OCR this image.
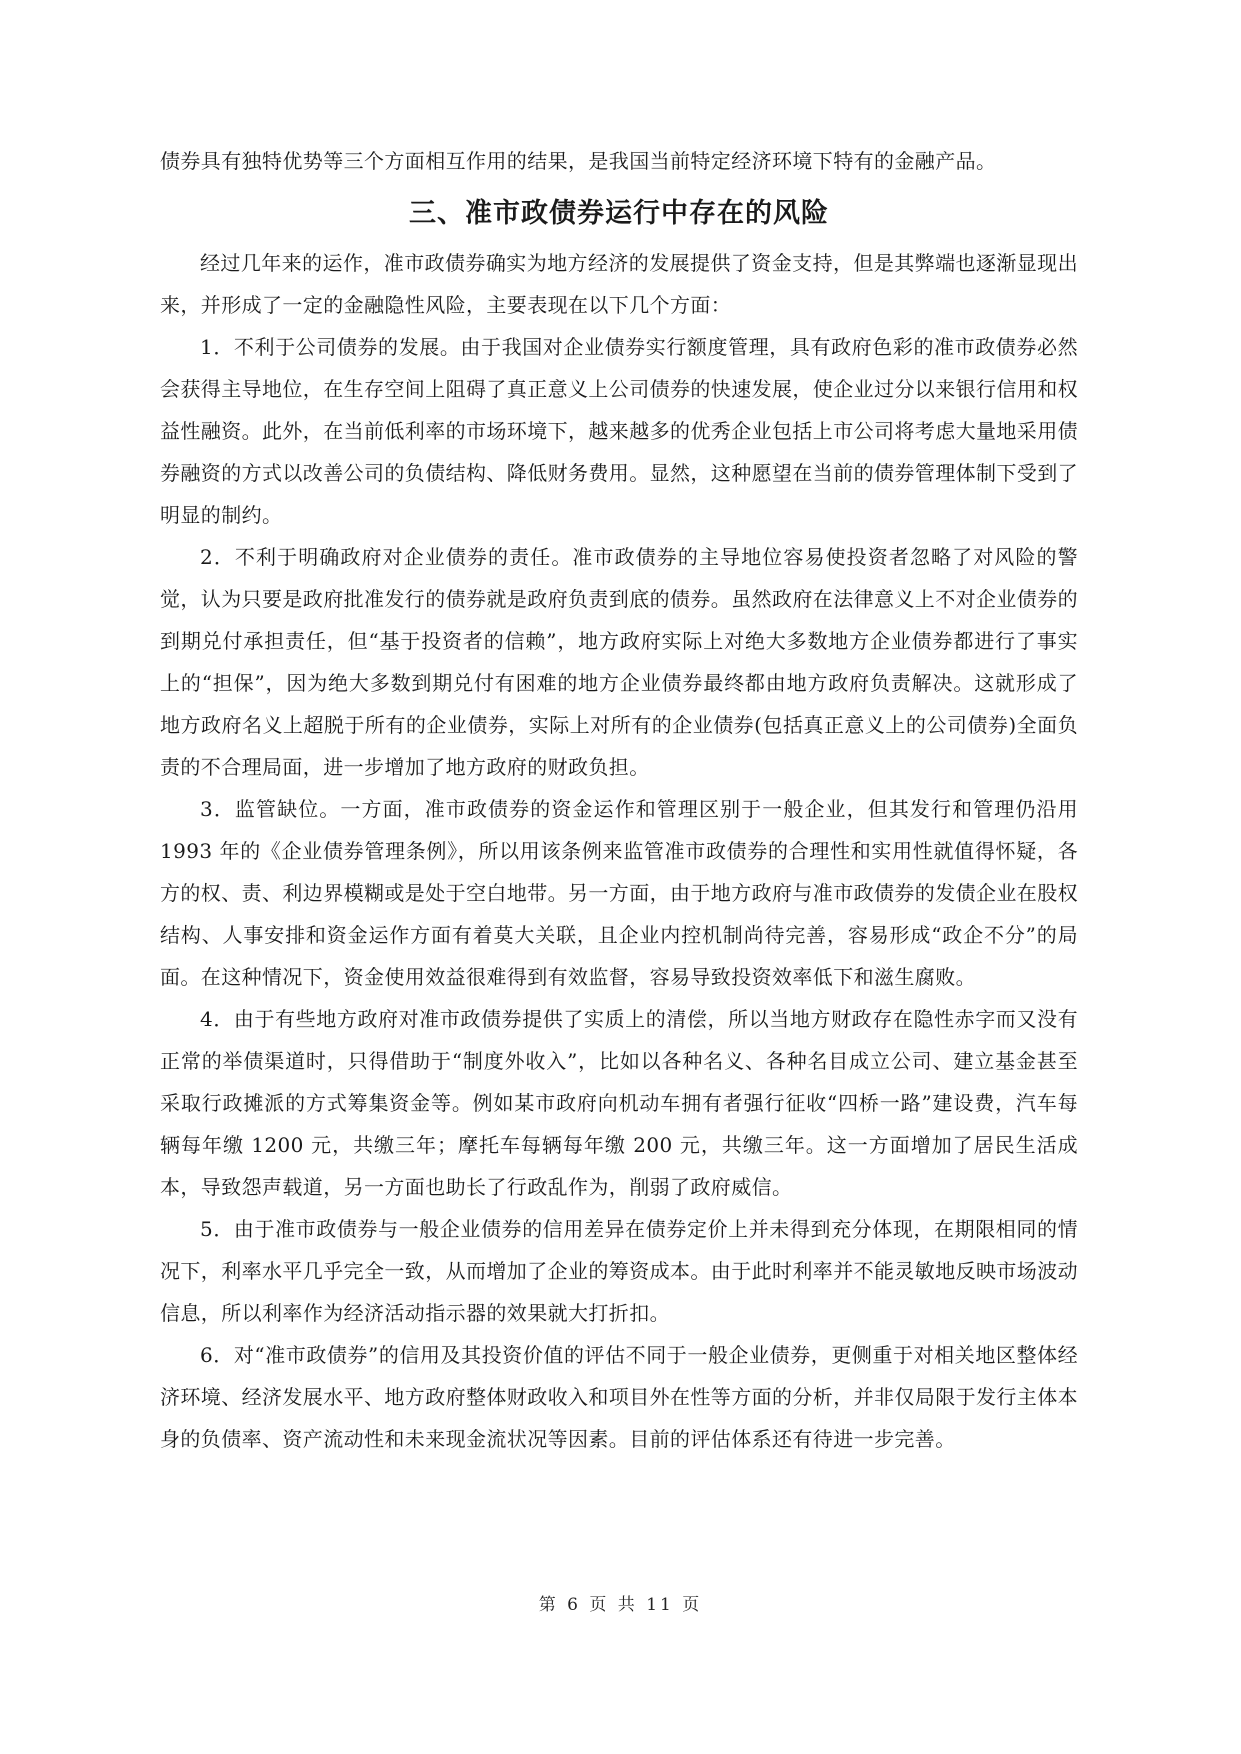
债券具有独特优势等三个方面相互作用的结果，是我国当前特定经济环境下特有的金融产品。

三、准市政债券运行中存在的风险

经过几年来的运作，准市政债券确实为地方经济的发展提供了资金支持，但是其弊端也逐渐显现出来，并形成了一定的金融隐性风险，主要表现在以下几个方面：

1．不利于公司债券的发展。由于我国对企业债券实行额度管理，具有政府色彩的准市政债券必然会获得主导地位，在生存空间上阻碍了真正意义上公司债券的快速发展，使企业过分以来银行信用和权益性融资。此外，在当前低利率的市场环境下，越来越多的优秀企业包括上市公司将考虑大量地采用债券融资的方式以改善公司的负债结构、降低财务费用。显然，这种愿望在当前的债券管理体制下受到了明显的制约。

2．不利于明确政府对企业债券的责任。准市政债券的主导地位容易使投资者忽略了对风险的警觉，认为只要是政府批准发行的债券就是政府负责到底的债券。虽然政府在法律意义上不对企业债券的到期兑付承担责任，但“基于投资者的信赖”，地方政府实际上对绝大多数地方企业债券都进行了事实上的“担保”，因为绝大多数到期兑付有困难的地方企业债券最终都由地方政府负责解决。这就形成了地方政府名义上超脱于所有的企业债券，实际上对所有的企业债券(包括真正意义上的公司债券)全面负责的不合理局面，进一步增加了地方政府的财政负担。

3．监管缺位。一方面，准市政债券的资金运作和管理区别于一般企业，但其发行和管理仍沿用 1993 年的《企业债券管理条例》，所以用该条例来监管准市政债券的合理性和实用性就值得怀疑，各方的权、责、利边界模糊或是处于空白地带。另一方面，由于地方政府与准市政债券的发债企业在股权结构、人事安排和资金运作方面有着莫大关联，且企业内控机制尚待完善，容易形成“政企不分”的局面。在这种情况下，资金使用效益很难得到有效监督，容易导致投资效率低下和滋生腐败。

4．由于有些地方政府对准市政债券提供了实质上的清偿，所以当地方财政存在隐性赤字而又没有正常的举债渠道时，只得借助于“制度外收入”，比如以各种名义、各种名目成立公司、建立基金甚至采取行政摊派的方式筹集资金等。例如某市政府向机动车拥有者强行征收“四桥一路”建设费，汽车每辆每年缴 1200 元，共缴三年；摩托车每辆每年缴 200 元，共缴三年。这一方面增加了居民生活成本，导致怨声载道，另一方面也助长了行政乱作为，削弱了政府威信。

5．由于准市政债券与一般企业债券的信用差异在债券定价上并未得到充分体现，在期限相同的情况下，利率水平几乎完全一致，从而增加了企业的筹资成本。由于此时利率并不能灵敏地反映市场波动信息，所以利率作为经济活动指示器的效果就大打折扣。

6．对“准市政债券”的信用及其投资价值的评估不同于一般企业债券，更侧重于对相关地区整体经济环境、经济发展水平、地方政府整体财政收入和项目外在性等方面的分析，并非仅局限于发行主体本身的负债率、资产流动性和未来现金流状况等因素。目前的评估体系还有待进一步完善。

第 6 页 共 11 页
